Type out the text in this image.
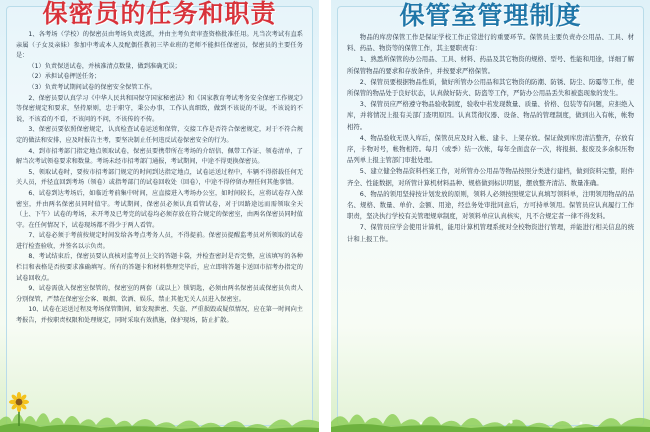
保密员的任务和职责

1、各考场（学校）的保密员由考场负责选派，并由主考负责审查资格批准任用。凡当次考试有直系亲属（子女及亲妹）参加中考或本人及配偶任教初三毕业班的老师不能担任保密员，保密员的主要任务是：

（1）负责保送试卷，并核准清点数量，做到准确无误；

（2）承担试卷押送任务；

（3）负责考试期间试卷的保密安全保管工作。

2、保密员要认真学习《中华人民共和国保守国家秘密法》和《国家教育考试考务安全保密工作规定》等保密规定和要求，坚持原则，忠于职守，秉公办事，工作认真细致，做到不该说的不说，不该说的不说，不该看的不看，不该问的不问，不该传的不传。

3、保密员要依照保密规定，认真检查试卷运送和保管，交接工作是否符合保密规定，对于不符合规定的做法和安排，应及时报告主考，要坚决制止任何违反试卷保密安全的行为。

4、到市招考部门指定地点领取试卷，保密员要携带所在考场的介绍信、佩带工作证、领卷清单，了解当次考试领卷要求和数量。考场未经市招考部门通报，考试期间，中途不得更换保密员。

5、领取试卷时，要按市招考部门规定的时间到达指定地点，试卷运送过程中，车辆不得搭载任何无关人员，并径直回到考场（领卷）或指考部门的试卷回收处（回卷），中途不得停留办理任何其他事情。

6、试卷到达考场后，如临近考前集中时间，应直接进入考场办公室，如时间较长，应将试卷存入保密室，并由两名保密员同时值守。考试期间，保密员必须认真看管试卷，对于因路途远而需领取全天（上、下午）试卷的考场，未开考及已考完的试卷均必须存放在符合规定的保密室，由两名保密员同时值守。在任何情况下，试卷现场都不得少于两人看管。

7、试卷必须于考前按规定时间发给各考点考务人员，不得提前。保密员提醒监考员对所领取的试卷进行检查验收，并签名以示负责。

8、考试结束后，保密员要认真核对监考员上交的答题卡袋，并检查密封是否完整，应该填写的各种栏目和表格是否按要求准确填写。所有的答题卡和材料整理完毕后，应立即将答题卡送回市招考办指定的试卷回收点。

9、试卷需放入保密室保管的，保密室的两套（或以上）锁钥匙，必须由两名保密员或保密员负责人分别保管，严禁在保密室会客、吸烟、饮酒、娱乐，禁止其他无关人员进入保密室。

10、试卷在运送过程及考场保管期间，如发现泄密、失盗、严重损毁或疑似情况，应在第一时间向主考报告，并按职责权限和处理规定，同时采取有效措施，保护现场，防止扩散。

保管室管理制度

物品的库房保管工作是保证学校工作正常进行的重要环节。保管员主要负责办公用品、工具、材料、药品、物资等的保管工作，其主要职责有：

1、熟悉所保管的办公用品、工具、材料、药品及其它物资的规格、型号、性能和用途，详细了解所保管物品的要求和存放条件，并按要求严格保管。

2、保管员要根据物品性质，做好所管办公用品和其它物资的防潮、防锈、防尘、防霉等工作，使所保管的物品处于良好状态，认真做好防火、防盗等工作，严防办公用品丢失和被盗现象的发生。

3、保管员应严格遵守物品验收制度，验收中若发现数量、质量、价格、包装等有问题，应拒绝入库，并将情况上报有关部门查明原因。认真贯彻仪器、设备、物品的管理制度，做到出入有帐，帐物相符。

4、物品验收无误入库后，保管员应及时入帐、建卡、上架存放。保证做到库房清洁整齐，存放有序，卡物对号，帐物相符。每月（或季）结一次帐，每年全面盘存一次，将报损、报废及多余积压物品列单上报主管部门审批处理。

5、建立健全物品资料档案工作，对所管办公用品等物品按照分类进行建档，做到资料完整，附件齐全、性能数据，对所管计算机材料品种、规格做到标识明显，摆放整齐清洁、数量准确。

6、物品的领用坚持按计划发放的原则，领料人必须按照规定认真填写领料单，注明领用物品的品名、规格、数量、单价、金额、用途，经总务处审批同意后，方可持单领用。保管员应认真履行工作职责，坚决执行学校有关管理规章制度，对领料单应认真核实，凡不合规定者一律不得发料。

7、保管员应学会使用计算机，能用计算机管理系统对全校物资进行管理，并能进行相关信息的统计和上报工作。
